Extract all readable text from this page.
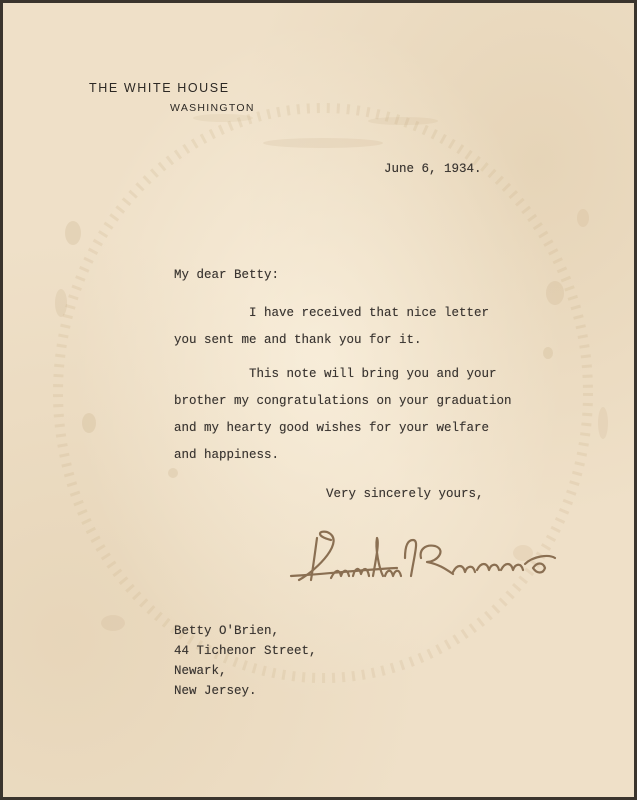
THE WHITE HOUSE
WASHINGTON
June 6, 1934.
My dear Betty:
I have received that nice letter
you sent me and thank you for it.
This note will bring you and your
brother my congratulations on your graduation
and my hearty good wishes for your welfare
and happiness.
Very sincerely yours,
Betty O'Brien,
44 Tichenor Street,
Newark,
New Jersey.
